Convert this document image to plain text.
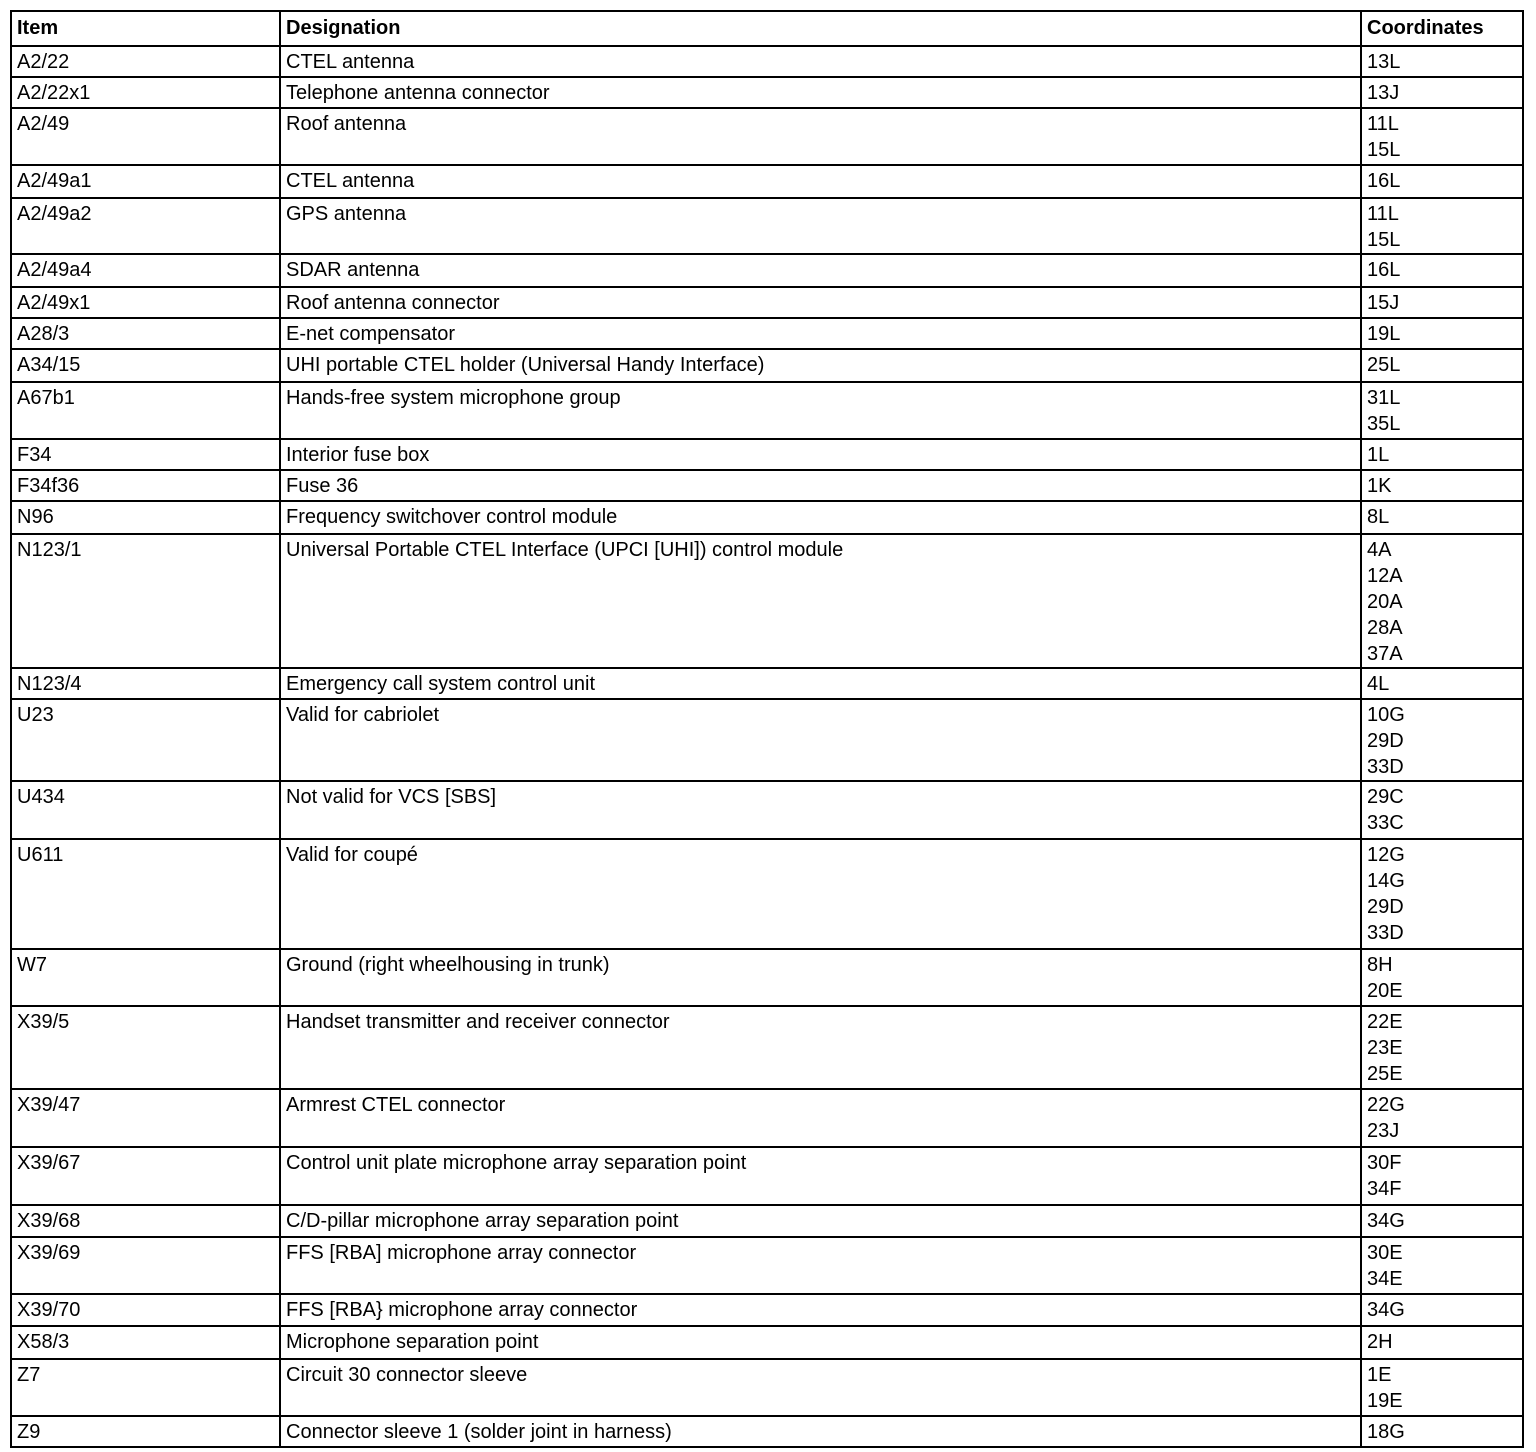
Item	Designation	Coordinates
A2/22	CTEL antenna	13L

A2/22x1	Telephone antenna connector	13J

A2/49	Roof antenna	11L
15L

A2/49a1	CTEL antenna	16L

A2/49a2	GPS antenna	11L
15L

A2/49a4	SDAR antenna	16L

A2/49x1	Roof antenna connector	15J

A28/3	E-net compensator	19L

A34/15	UHI portable CTEL holder (Universal Handy Interface)	25L

A67b1	Hands-free system microphone group	31L
35L

F34	Interior fuse box	1L

F34f36	Fuse 36	1K

N96	Frequency switchover control module	8L

N123/1	Universal Portable CTEL Interface (UPCI [UHI]) control module	4A
12A
20A
28A
37A

N123/4	Emergency call system control unit	4L

U23	Valid for cabriolet	10G
29D
33D

U434	Not valid for VCS [SBS]	29C
33C

U611	Valid for coupé	12G
14G
29D
33D

W7	Ground (right wheelhousing in trunk)	8H
20E

X39/5	Handset transmitter and receiver connector	22E
23E
25E

X39/47	Armrest CTEL connector	22G
23J

X39/67	Control unit plate microphone array separation point	30F
34F

X39/68	C/D-pillar microphone array separation point	34G

X39/69	FFS [RBA] microphone array connector	30E
34E

X39/70	FFS [RBA} microphone array connector	34G

X58/3	Microphone separation point	2H

Z7	Circuit 30 connector sleeve	1E
19E

Z9	Connector sleeve 1 (solder joint in harness)	18G
